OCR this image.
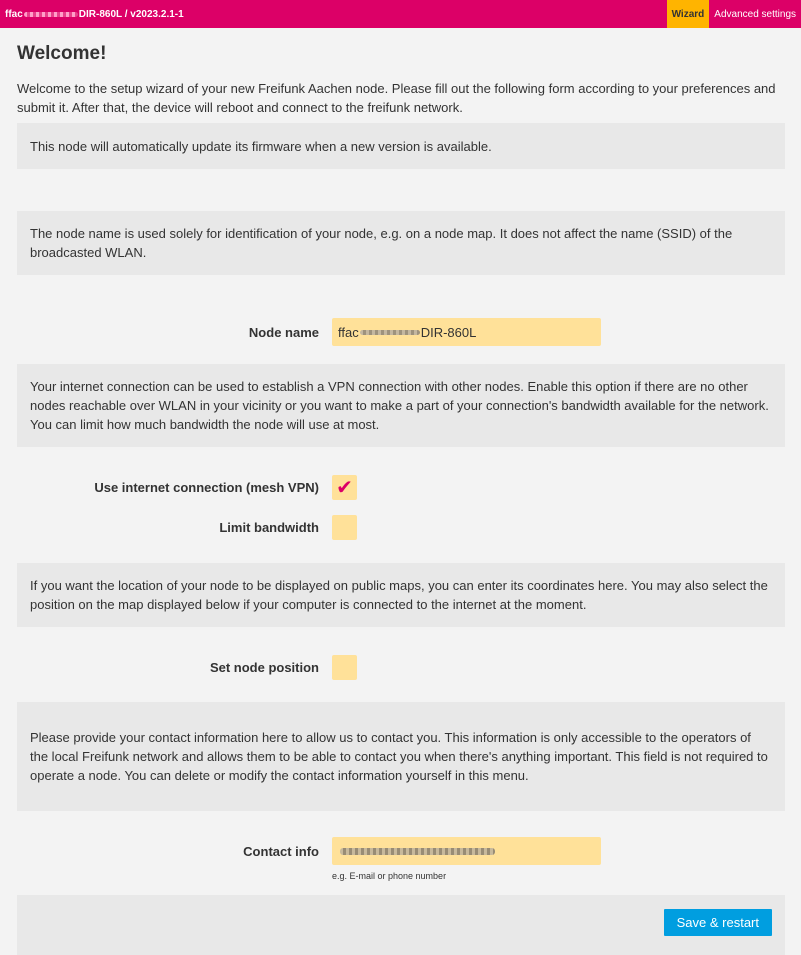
ffac	DIR-860L / v2023.2.1-1	Wizard	Advanced settings
Welcome!

Welcome to the setup wizard of your new Freifunk Aachen node. Please fill out the following form according to your preferences and submit it. After that, the device will reboot and connect to the freifunk network.

This node will automatically update its firmware when a new version is available.
The node name is used solely for identification of your node, e.g. on a node map. It does not affect the name (SSID) of the broadcasted WLAN.
Node name	ffac	DIR-860L
Your internet connection can be used to establish a VPN connection with other nodes. Enable this option if there are no other nodes reachable over WLAN in your vicinity or you want to make a part of your connection's bandwidth available for the network. You can limit how much bandwidth the node will use at most.
Use internet connection (mesh VPN) ✔
Limit bandwidth
If you want the location of your node to be displayed on public maps, you can enter its coordinates here. You may also select the position on the map displayed below if your computer is connected to the internet at the moment.
Set node position
Please provide your contact information here to allow us to contact you. This information is only accessible to the operators of the local Freifunk network and allows them to be able to contact you when there's anything important. This field is not required to operate a node. You can delete or modify the contact information yourself in this menu.
Contact info
e.g. E-mail or phone number
Save & restart
